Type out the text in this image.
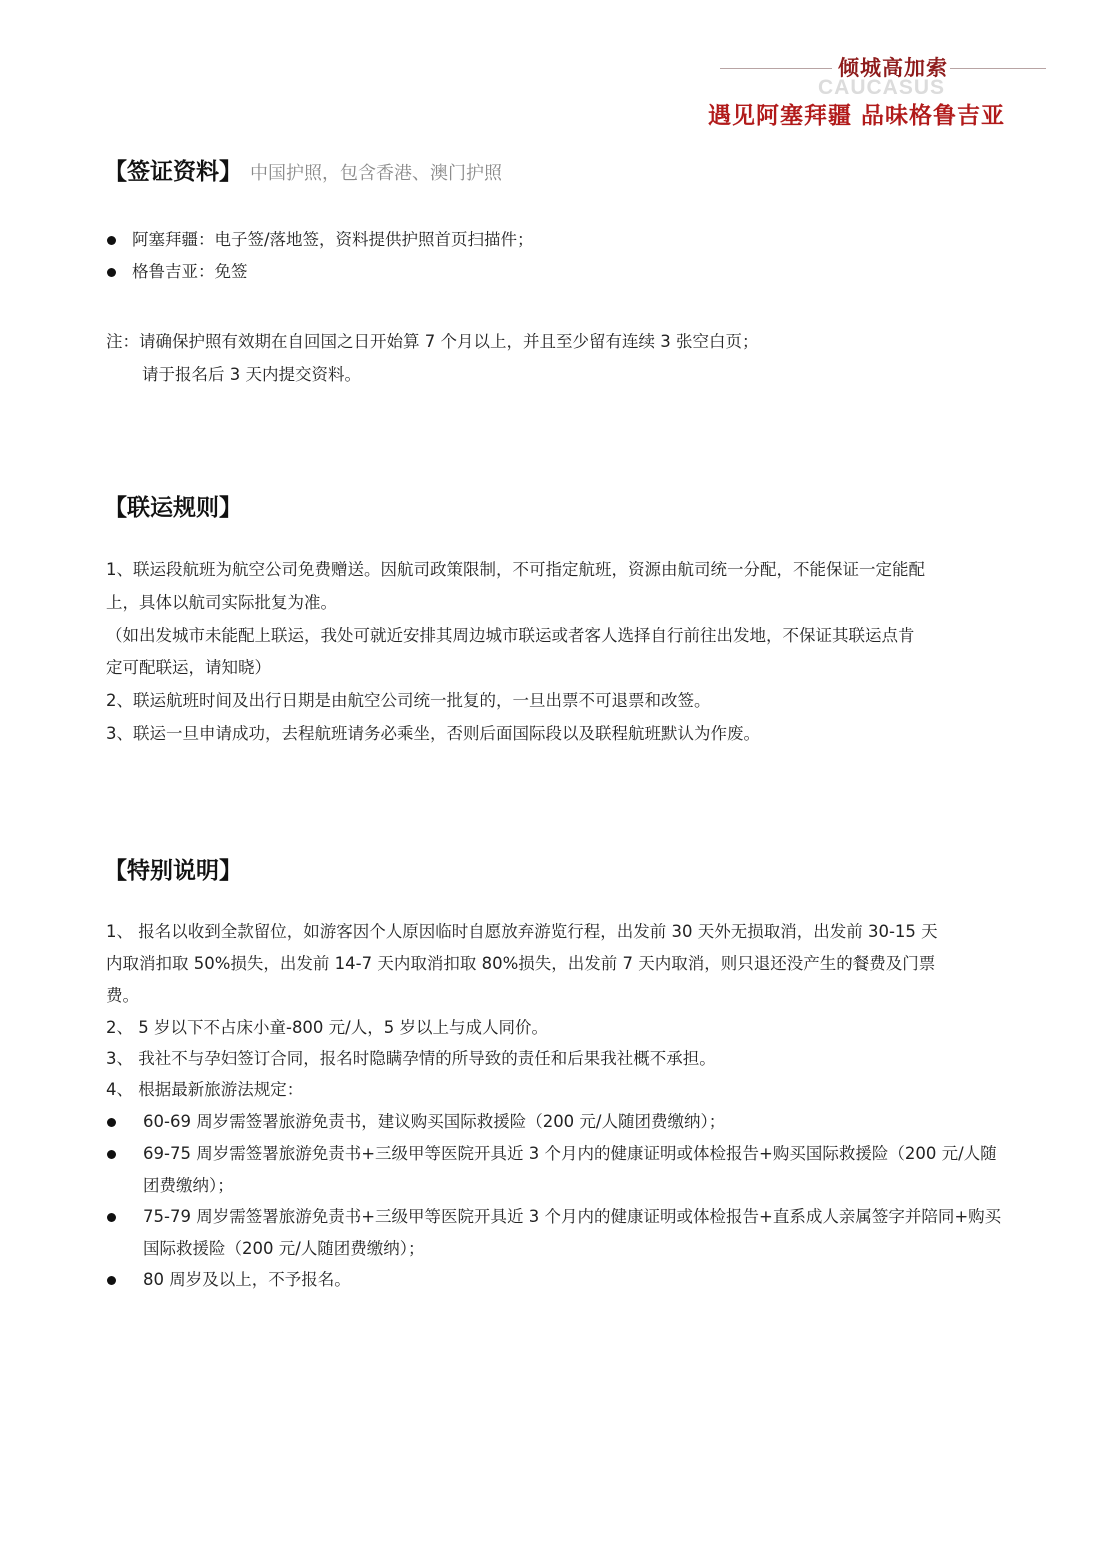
倾城高加索
CAUCASUS
遇见阿塞拜疆 品味格鲁吉亚
【签证资料】 中国护照，包含香港、澳门护照
阿塞拜疆：电子签/落地签，资料提供护照首页扫描件；
格鲁吉亚：免签
注：请确保护照有效期在自回国之日开始算 7 个月以上，并且至少留有连续 3 张空白页；
请于报名后 3 天内提交资料。
【联运规则】
1、联运段航班为航空公司免费赠送。因航司政策限制，不可指定航班，资源由航司统一分配，不能保证一定能配
上，具体以航司实际批复为准。
（如出发城市未能配上联运，我处可就近安排其周边城市联运或者客人选择自行前往出发地，不保证其联运点肯
定可配联运，请知晓）
2、联运航班时间及出行日期是由航空公司统一批复的，一旦出票不可退票和改签。
3、联运一旦申请成功，去程航班请务必乘坐，否则后面国际段以及联程航班默认为作废。
【特别说明】
1、 报名以收到全款留位，如游客因个人原因临时自愿放弃游览行程，出发前 30 天外无损取消，出发前 30-15 天
内取消扣取 50%损失，出发前 14-7 天内取消扣取 80%损失，出发前 7 天内取消，则只退还没产生的餐费及门票
费。
2、 5 岁以下不占床小童-800 元/人，5 岁以上与成人同价。
3、 我社不与孕妇签订合同，报名时隐瞒孕情的所导致的责任和后果我社概不承担。
4、 根据最新旅游法规定：
60-69 周岁需签署旅游免责书，建议购买国际救援险（200 元/人随团费缴纳）；
69-75 周岁需签署旅游免责书+三级甲等医院开具近 3 个月内的健康证明或体检报告+购买国际救援险（200 元/人随团费缴纳）；
75-79 周岁需签署旅游免责书+三级甲等医院开具近 3 个月内的健康证明或体检报告+直系成人亲属签字并陪同+购买国际救援险（200 元/人随团费缴纳）；
80 周岁及以上，不予报名。
